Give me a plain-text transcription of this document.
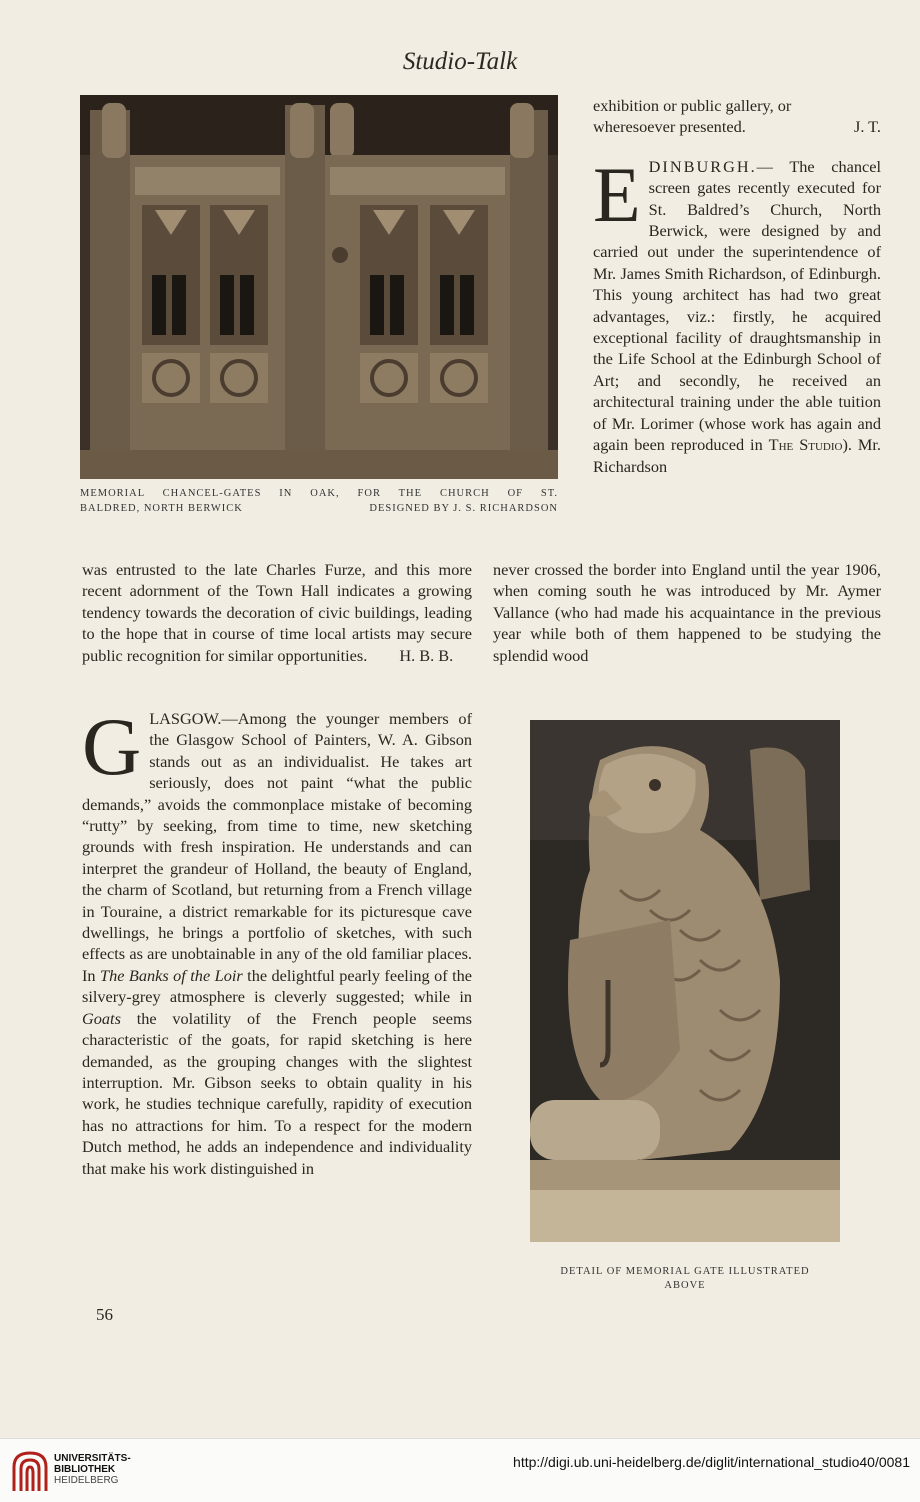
Studio-Talk
MEMORIAL CHANCEL-GATES IN OAK, FOR THE CHURCH OF ST.
BALDRED, NORTH BERWICK	DESIGNED BY J. S. RICHARDSON

exhibition or public gallery, or

wheresoever presented.	J. T.

EDINBURGH.— The chancel screen gates recently executed for St. Baldred’s Church, North Berwick, were designed by and carried out under the superintendence of Mr. James Smith Richardson, of Edinburgh. This young architect has had two great advantages, viz.: firstly, he acquired exceptional facility of draughtsmanship in the Life School at the Edinburgh School of Art; and secondly, he received an architectural training under the able tuition of Mr. Lorimer (whose work has again and again been reproduced in The Studio). Mr. Richardson

was entrusted to the late Charles Furze, and this more recent adornment of the Town Hall indicates a growing tendency towards the decoration of civic buildings, leading to the hope that in course of time local artists may secure public recognition for similar opportunities. H. B. B.
never crossed the border into England until the year 1906, when coming south he was introduced by Mr. Aymer Vallance (who had made his acquaintance in the previous year while both of them happened to be studying the splendid wood
GLASGOW.—Among the younger members of the Glasgow School of Painters, W. A. Gibson stands out as an individualist. He takes art seriously, does not paint “what the public demands,” avoids the commonplace mistake of becoming “rutty” by seeking, from time to time, new sketching grounds with fresh inspiration. He understands and can interpret the grandeur of Holland, the beauty of England, the charm of Scotland, but returning from a French village in Touraine, a district remarkable for its picturesque cave dwellings, he brings a portfolio of sketches, with such effects as are unobtainable in any of the old familiar places. In The Banks of the Loir the delightful pearly feeling of the silvery-grey atmosphere is cleverly suggested; while in Goats the volatility of the French people seems characteristic of the goats, for rapid sketching is here demanded, as the grouping changes with the slightest interruption. Mr. Gibson seeks to obtain quality in his work, he studies technique carefully, rapidity of execution has no attractions for him. To a respect for the modern Dutch method, he adds an independence and individuality that make his work distinguished in
DETAIL OF MEMORIAL GATE ILLUSTRATED
ABOVE
56
UNIVERSITÄTS-
BIBLIOTHEK
HEIDELBERG
http://digi.ub.uni-heidelberg.de/diglit/international_studio40/0081
